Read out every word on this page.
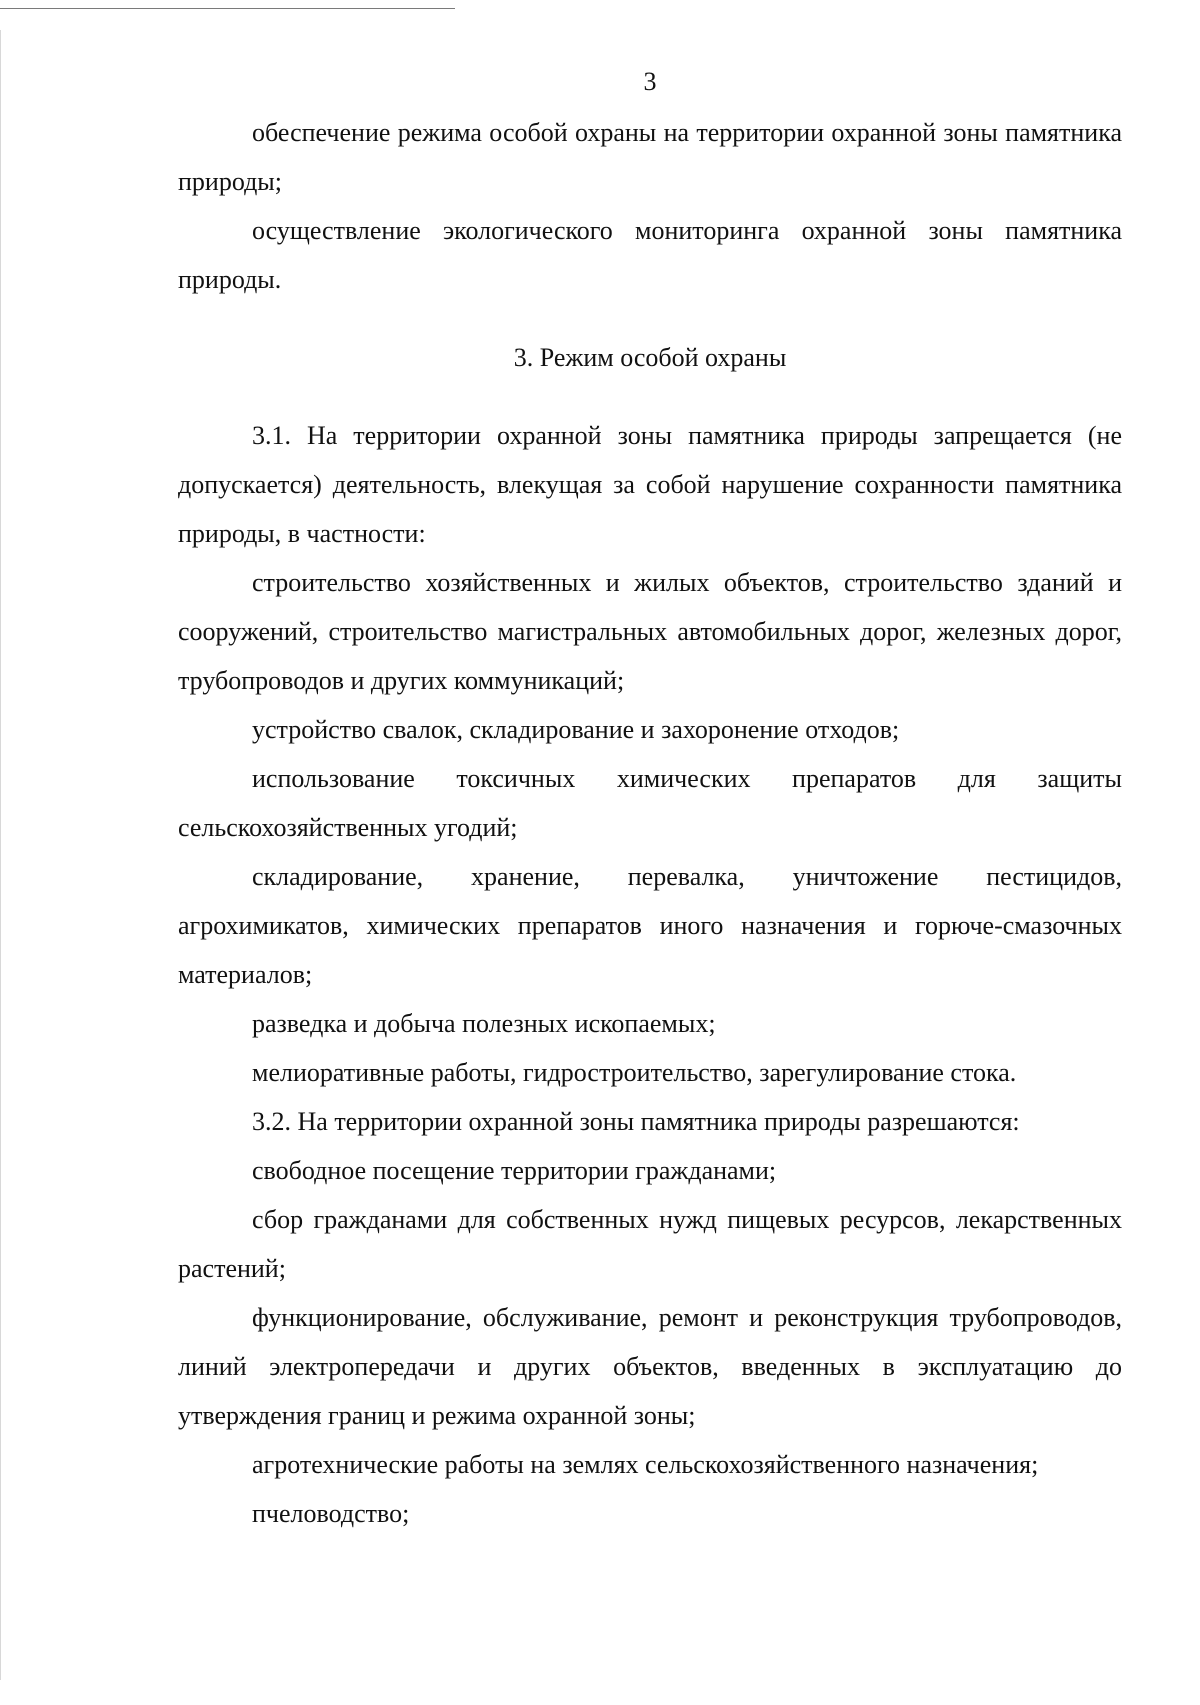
3

обеспечение режима особой охраны на территории охранной зоны памятника природы;

осуществление экологического мониторинга охранной зоны памятника природы.

3. Режим особой охраны

3.1. На территории охранной зоны памятника природы запрещается (не допускается) деятельность, влекущая за собой нарушение сохранности памятника природы, в частности:

строительство хозяйственных и жилых объектов, строительство зданий и сооружений, строительство магистральных автомобильных дорог, железных дорог, трубопроводов и других коммуникаций;

устройство свалок, складирование и захоронение отходов;

использование токсичных химических препаратов для защиты сельскохозяйственных угодий;

складирование, хранение, перевалка, уничтожение пестицидов, агрохимикатов, химических препаратов иного назначения и горюче-смазочных материалов;

разведка и добыча полезных ископаемых;

мелиоративные работы, гидростроительство, зарегулирование стока.

3.2. На территории охранной зоны памятника природы разрешаются:

свободное посещение территории гражданами;

сбор гражданами для собственных нужд пищевых ресурсов, лекарственных растений;

функционирование, обслуживание, ремонт и реконструкция трубопроводов, линий электропередачи и других объектов, введенных в эксплуатацию до утверждения границ и режима охранной зоны;

агротехнические работы на землях сельскохозяйственного назначения;

пчеловодство;
